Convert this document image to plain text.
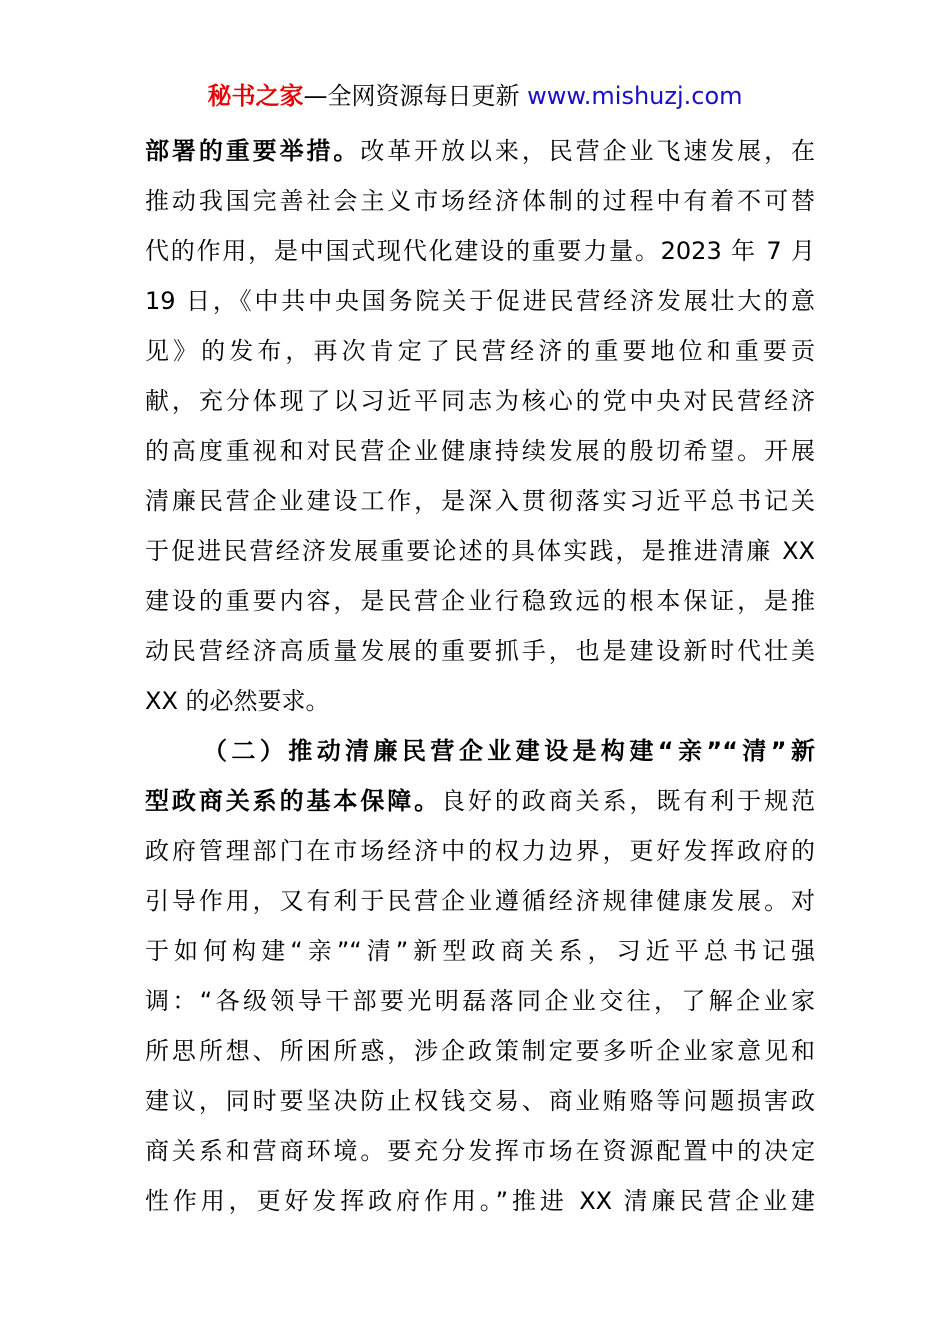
秘书之家—全网资源每日更新 www.mishuzj.com
部署的重要举措。改革开放以来，民营企业飞速发展，在
推动我国完善社会主义市场经济体制的过程中有着不可替
代的作用，是中国式现代化建设的重要力量。2023 年 7 月
19 日，《中共中央国务院关于促进民营经济发展壮大的意
见》的发布，再次肯定了民营经济的重要地位和重要贡
献，充分体现了以习近平同志为核心的党中央对民营经济
的高度重视和对民营企业健康持续发展的殷切希望。开展
清廉民营企业建设工作，是深入贯彻落实习近平总书记关
于促进民营经济发展重要论述的具体实践，是推进清廉 XX
建设的重要内容，是民营企业行稳致远的根本保证，是推
动民营经济高质量发展的重要抓手，也是建设新时代壮美
XX 的必然要求。
（二）推动清廉民营企业建设是构建“亲”“清”新
型政商关系的基本保障。良好的政商关系，既有利于规范
政府管理部门在市场经济中的权力边界，更好发挥政府的
引导作用，又有利于民营企业遵循经济规律健康发展。对
于如何构建“亲”“清”新型政商关系，习近平总书记强
调：“各级领导干部要光明磊落同企业交往，了解企业家
所思所想、所困所惑，涉企政策制定要多听企业家意见和
建议，同时要坚决防止权钱交易、商业贿赂等问题损害政
商关系和营商环境。要充分发挥市场在资源配置中的决定
性作用，更好发挥政府作用。”推进 XX 清廉民营企业建
